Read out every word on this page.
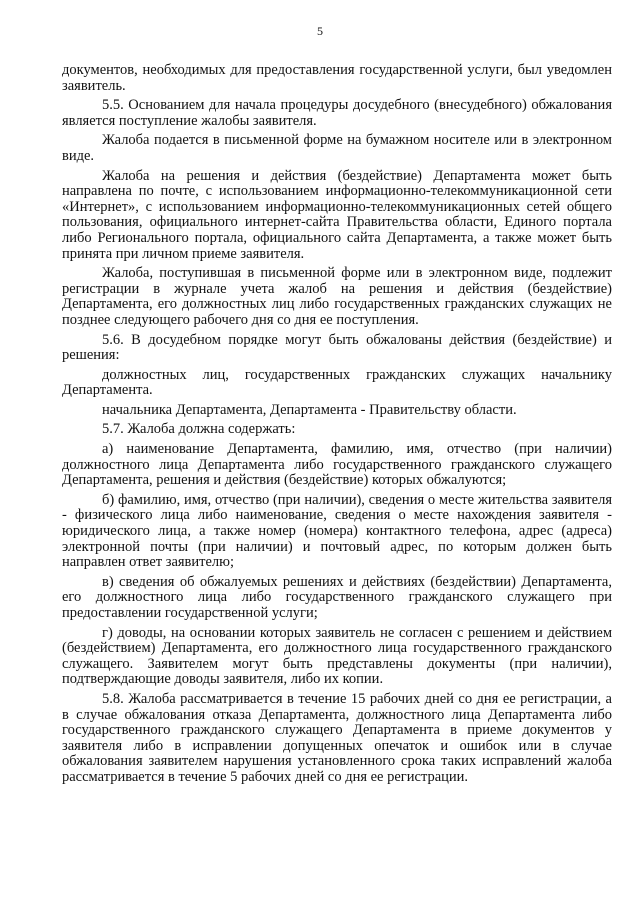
5

документов, необходимых для предоставления государственной услуги, был уведомлен заявитель.

5.5. Основанием для начала процедуры досудебного (внесудебного) обжалования является поступление жалобы заявителя.

Жалоба подается в письменной форме на бумажном носителе или в электронном виде.

Жалоба на решения и действия (бездействие) Департамента может быть направлена по почте, с использованием информационно-телекоммуникационной сети «Интернет», с использованием информационно-телекоммуникационных сетей общего пользования, официального интернет-сайта Правительства области, Единого портала либо Регионального портала, официального сайта Департамента, а также может быть принята при личном приеме заявителя.

Жалоба, поступившая в письменной форме или в электронном виде, подлежит регистрации в журнале учета жалоб на решения и действия (бездействие) Департамента, его должностных лиц либо государственных гражданских служащих не позднее следующего рабочего дня со дня ее поступления.

5.6. В досудебном порядке могут быть обжалованы действия (бездействие) и решения:

должностных лиц, государственных гражданских служащих начальнику Департамента.

начальника Департамента, Департамента - Правительству области.

5.7. Жалоба должна содержать:

а) наименование Департамента, фамилию, имя, отчество (при наличии) должностного лица Департамента либо государственного гражданского служащего Департамента, решения и действия (бездействие) которых обжалуются;

б) фамилию, имя, отчество (при наличии), сведения о месте жительства заявителя - физического лица либо наименование, сведения о месте нахождения заявителя - юридического лица, а также номер (номера) контактного телефона, адрес (адреса) электронной почты (при наличии) и почтовый адрес, по которым должен быть направлен ответ заявителю;

в) сведения об обжалуемых решениях и действиях (бездействии) Департамента, его должностного лица либо государственного гражданского служащего при предоставлении государственной услуги;

г) доводы, на основании которых заявитель не согласен с решением и действием (бездействием) Департамента, его должностного лица государственного гражданского служащего. Заявителем могут быть представлены документы (при наличии), подтверждающие доводы заявителя, либо их копии.

5.8. Жалоба рассматривается в течение 15 рабочих дней со дня ее регистрации, а в случае обжалования отказа Департамента, должностного лица Департамента либо государственного гражданского служащего Департамента в приеме документов у заявителя либо в исправлении допущенных опечаток и ошибок или в случае обжалования заявителем нарушения установленного срока таких исправлений жалоба рассматривается в течение 5 рабочих дней со дня ее регистрации.
